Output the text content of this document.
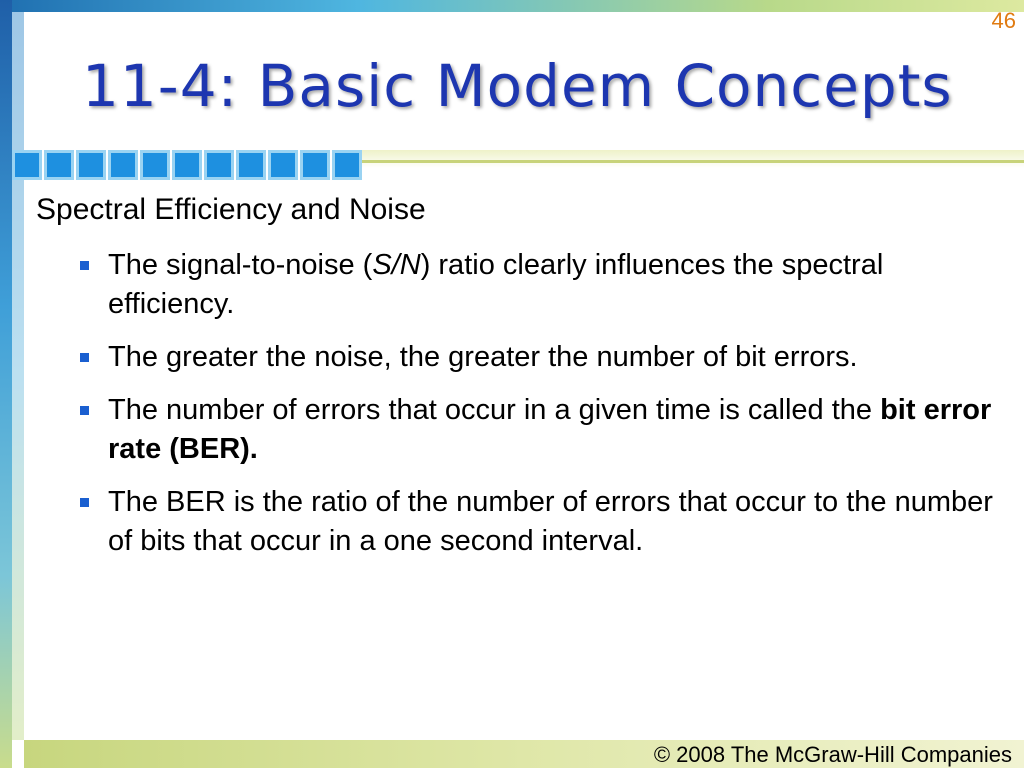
46
11-4: Basic Modem Concepts
Spectral Efficiency and Noise
The signal-to-noise (S/N) ratio clearly influences the spectral efficiency.
The greater the noise, the greater the number of bit errors.
The number of errors that occur in a given time is called the bit error rate (BER).
The BER is the ratio of the number of errors that occur to the number of bits that occur in a one second interval.
© 2008 The McGraw-Hill Companies
